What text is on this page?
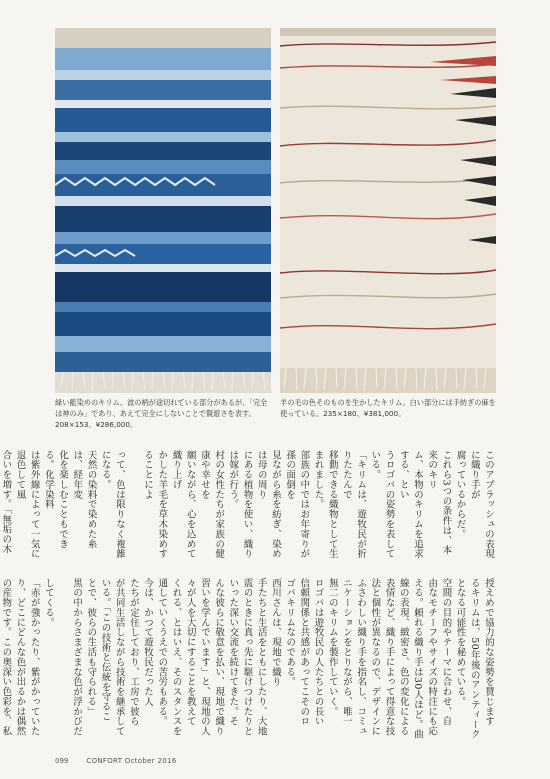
緑い藍染めのキリム。波の柄が途切れている部分があるが、「完全は神のみ」であり、あえて完全にしないことで賢遊さを表す。208×153、¥286,000。
羊の毛の色そのものを生かしたキリム。白い部分には手紡ぎの麻を使っている。235×180、¥381,000。
このアブラッシュの表現に織り手が
腐っているからだ。
これら3つの条件は、本来のキリ
ム、本物のキリムを追求する、とい
うロゴバの姿勢を表している。
「キリムは、遊牧民が折りたたんで
移動できる織物として生まれました。
部族の中ではお年寄りが孫の面倒を
見ながら糸を紡ぎ、染めは母の周り
にある植物を使い、織りは嫁が行う。
村の女性たちが家族の健康や幸せを
願いながら、心を込めて織り上げ
かした羊毛を草木染めすることによ
って、色は限りなく複雑になる。
天然の染料で染めた糸は、経年変
化を楽しむこともできる。化学染料
は紫外線によって一気に退色して風
合いを増す。「無垢の木
授えめで協力的な姿勢を賛じます
るキリムは、50年後のアンティーク
となる可能性を秘めている。
空間の目的やテーマに合わせ、自
由なモチーフやサイズの特注にも応
える。頼れる織り手は30人ほど。曲
線の表現、緻密さ、色の変化による
表情など、織り手によって得意な技
法と個性が異なるので、デザインに
ふさわしい織り手を指名し、コミュ
ニケーションをとりながら、唯一
無二のキリムを製作していく。
ロゴバは遊牧民の人たちとの長い
信頼関係と共感があってこそのロ
ゴバキリムなのである。
西川さんは、現地で織り
手たちと生活をともにしたり、大地
震のときに真っ先に駆けつけたりと
いった深い交流を続けてきた。そ
んな彼らに敬意を払い、現地で織り
習いを学んでいます」と、現地の人
々が人を大切にすることを教えて
くれる、とはいえ、そのスタンスを
通していくうえでの苦労もある。
今は、かつて遊牧民だった人
たちが定住しており、工房で彼ら
が共同生活しながら技術を継承して
いる。「この技術と伝統を守るこ
とで、彼らの生活も守られる」
黒の中からさまざまな色が浮かびだ
してくる。
「赤が強かったり、紫がかっていた
り、どこにどんな色が出るかは偶然
の産物です。この奥深い色彩を、私
099	CONFORT October 2016
